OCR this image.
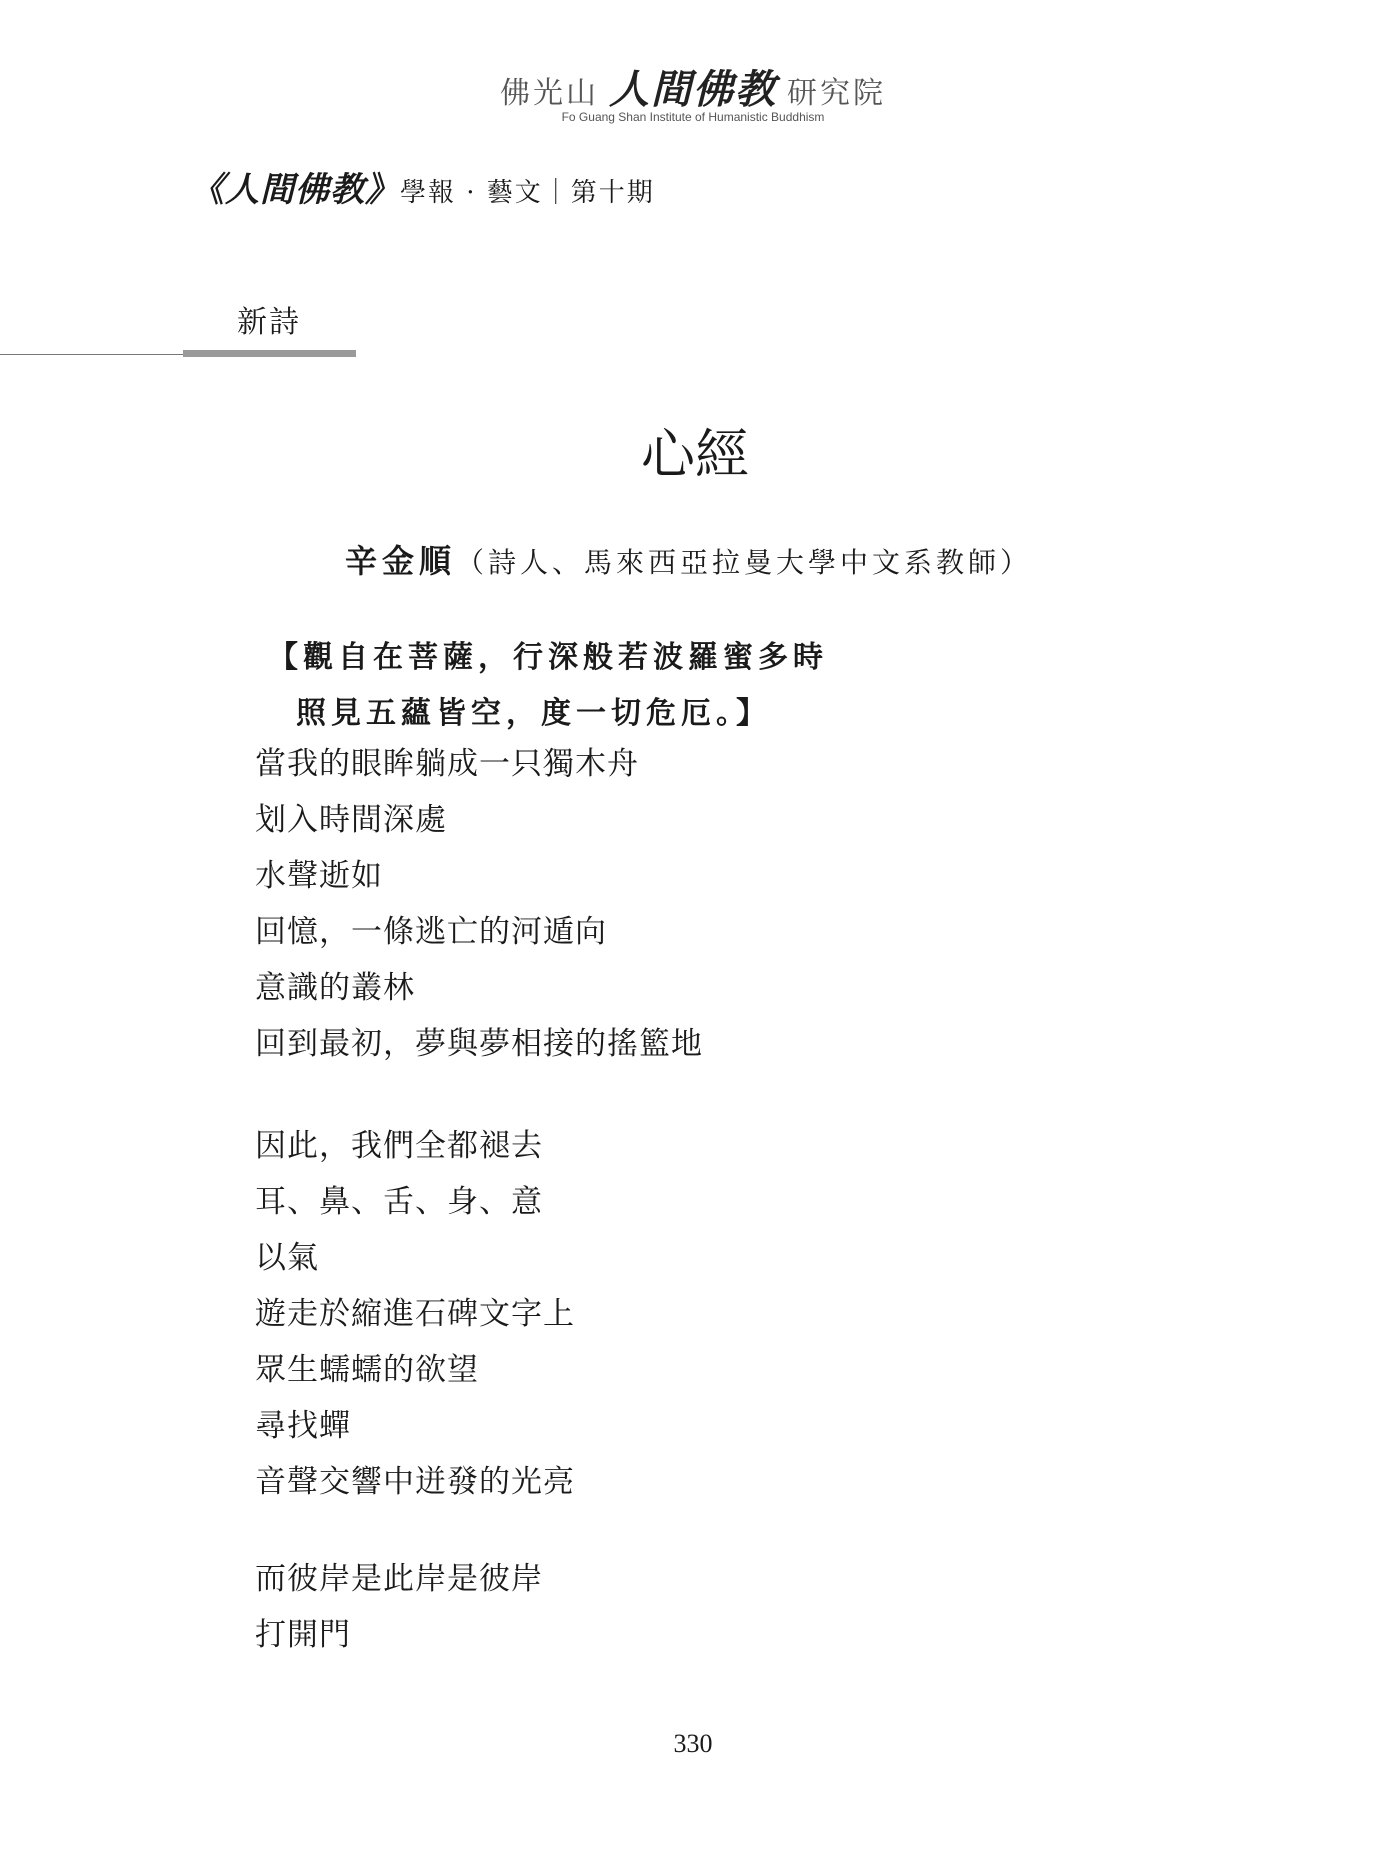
佛光山 人間佛教 研究院
Fo Guang Shan Institute of Humanistic Buddhism
《人間佛教》 學報 · 藝文｜第十期
新詩
心經
辛金順（詩人、馬來西亞拉曼大學中文系教師）
【觀自在菩薩，行深般若波羅蜜多時
照見五蘊皆空，度一切危厄。】
當我的眼眸躺成一只獨木舟
划入時間深處
水聲逝如
回憶，一條逃亡的河遁向
意識的叢林
回到最初，夢與夢相接的搖籃地
因此，我們全都褪去
耳、鼻、舌、身、意
以氣
遊走於縮進石碑文字上
眾生蠕蠕的欲望
尋找蟬
音聲交響中迸發的光亮
而彼岸是此岸是彼岸
打開門
330
